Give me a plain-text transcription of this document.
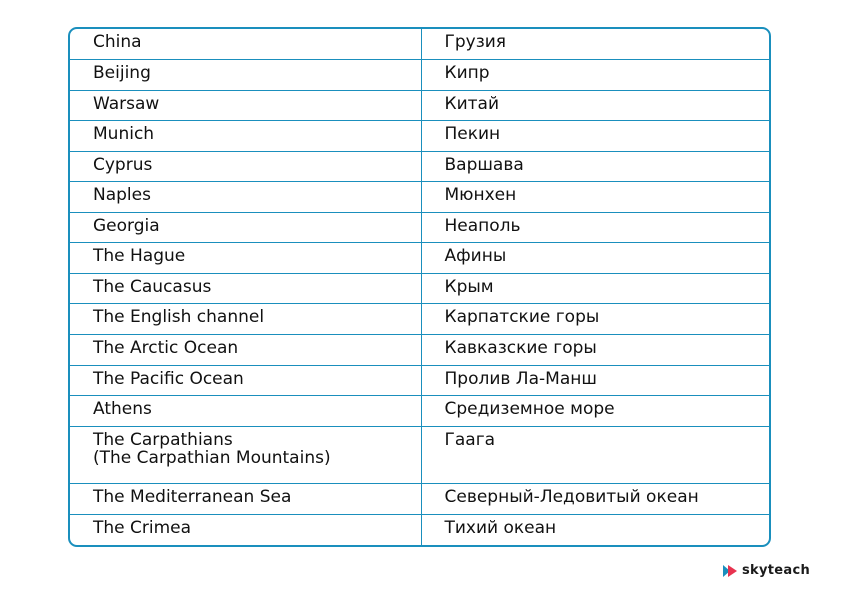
China	Грузия
Beijing	Кипр
Warsaw	Китай
Munich	Пекин
Cyprus	Варшава
Naples	Мюнхен
Georgia	Неаполь
The Hague	Афины
The Caucasus	Крым
The English channel	Карпатские горы
The Arctic Ocean	Кавказские горы
The Pacific Ocean	Пролив Ла-Манш
Athens	Средиземное море

The Carpathians
(The Carpathian Mountains)	Гаага
The Mediterranean Sea	Северный-Ледовитый океан
The Crimea	Тихий океан
skyteach
